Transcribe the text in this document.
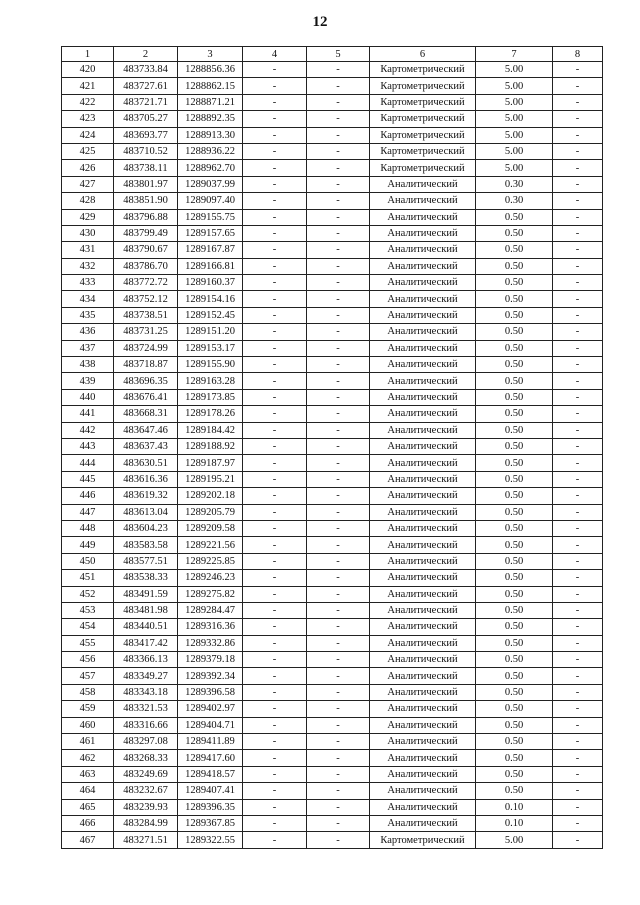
12
1	2	3	4	5	6	7	8
420	483733.84	1288856.36	-	-	Картометрический	5.00	-
421	483727.61	1288862.15	-	-	Картометрический	5.00	-
422	483721.71	1288871.21	-	-	Картометрический	5.00	-
423	483705.27	1288892.35	-	-	Картометрический	5.00	-
424	483693.77	1288913.30	-	-	Картометрический	5.00	-
425	483710.52	1288936.22	-	-	Картометрический	5.00	-
426	483738.11	1288962.70	-	-	Картометрический	5.00	-
427	483801.97	1289037.99	-	-	Аналитический	0.30	-
428	483851.90	1289097.40	-	-	Аналитический	0.30	-
429	483796.88	1289155.75	-	-	Аналитический	0.50	-
430	483799.49	1289157.65	-	-	Аналитический	0.50	-
431	483790.67	1289167.87	-	-	Аналитический	0.50	-
432	483786.70	1289166.81	-	-	Аналитический	0.50	-
433	483772.72	1289160.37	-	-	Аналитический	0.50	-
434	483752.12	1289154.16	-	-	Аналитический	0.50	-
435	483738.51	1289152.45	-	-	Аналитический	0.50	-
436	483731.25	1289151.20	-	-	Аналитический	0.50	-
437	483724.99	1289153.17	-	-	Аналитический	0.50	-
438	483718.87	1289155.90	-	-	Аналитический	0.50	-
439	483696.35	1289163.28	-	-	Аналитический	0.50	-
440	483676.41	1289173.85	-	-	Аналитический	0.50	-
441	483668.31	1289178.26	-	-	Аналитический	0.50	-
442	483647.46	1289184.42	-	-	Аналитический	0.50	-
443	483637.43	1289188.92	-	-	Аналитический	0.50	-
444	483630.51	1289187.97	-	-	Аналитический	0.50	-
445	483616.36	1289195.21	-	-	Аналитический	0.50	-
446	483619.32	1289202.18	-	-	Аналитический	0.50	-
447	483613.04	1289205.79	-	-	Аналитический	0.50	-
448	483604.23	1289209.58	-	-	Аналитический	0.50	-
449	483583.58	1289221.56	-	-	Аналитический	0.50	-
450	483577.51	1289225.85	-	-	Аналитический	0.50	-
451	483538.33	1289246.23	-	-	Аналитический	0.50	-
452	483491.59	1289275.82	-	-	Аналитический	0.50	-
453	483481.98	1289284.47	-	-	Аналитический	0.50	-
454	483440.51	1289316.36	-	-	Аналитический	0.50	-
455	483417.42	1289332.86	-	-	Аналитический	0.50	-
456	483366.13	1289379.18	-	-	Аналитический	0.50	-
457	483349.27	1289392.34	-	-	Аналитический	0.50	-
458	483343.18	1289396.58	-	-	Аналитический	0.50	-
459	483321.53	1289402.97	-	-	Аналитический	0.50	-
460	483316.66	1289404.71	-	-	Аналитический	0.50	-
461	483297.08	1289411.89	-	-	Аналитический	0.50	-
462	483268.33	1289417.60	-	-	Аналитический	0.50	-
463	483249.69	1289418.57	-	-	Аналитический	0.50	-
464	483232.67	1289407.41	-	-	Аналитический	0.50	-
465	483239.93	1289396.35	-	-	Аналитический	0.10	-
466	483284.99	1289367.85	-	-	Аналитический	0.10	-
467	483271.51	1289322.55	-	-	Картометрический	5.00	-
